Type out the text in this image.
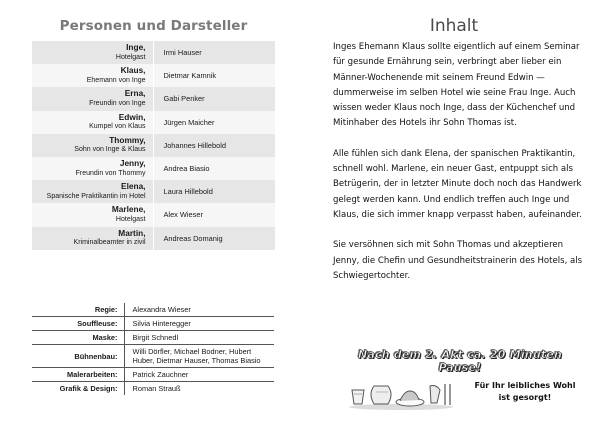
Personen und Darsteller
Inge,
Hotelgast	Irmi Hauser

Klaus,
Ehemann von Inge	Dietmar Kamnik

Erna,
Freundin von Inge	Gabi Penker

Edwin,
Kumpel von Klaus	Jürgen Maicher

Thommy,
Sohn von Inge & Klaus	Johannes Hillebold

Jenny,
Freundin von Thommy	Andrea Biasio

Elena,
Spanische Praktikantin im Hotel	Laura Hillebold

Marlene,
Hotelgast	Alex Wieser

Martin,
Kriminalbeamter in zivil	Andreas Domanig
Regie:	Alexandra Wieser
Souffleuse:	Silvia Hinteregger
Maske:	Birgit Schnedl
Bühnenbau:	Willi Dörfler, Michael Bodner, Hubert Huber, Dietmar Hauser, Thomas Biasio
Malerarbeiten:	Patrick Zauchner
Grafik & Design:	Roman Strauß
Inhalt

Inges Ehemann Klaus sollte eigentlich auf einem Seminar für gesunde Ernährung sein, verbringt aber lieber ein Männer-Wochenende mit seinem Freund Edwin — dummerweise im selben Hotel wie seine Frau Inge. Auch wissen weder Klaus noch Inge, dass der Küchenchef und Mitinhaber des Hotels ihr Sohn Thomas ist.

Alle fühlen sich dank Elena, der spanischen Praktikantin, schnell wohl. Marlene, ein neuer Gast, entpuppt sich als Betrügerin, der in letzter Minute doch noch das Handwerk gelegt werden kann. Und endlich treffen auch Inge und Klaus, die sich immer knapp verpasst haben, aufeinander.

Sie versöhnen sich mit Sohn Thomas und akzeptieren Jenny, die Chefin und Gesundheitstrainerin des Hotels, als Schwiegertochter.

Nach dem 2. Akt ca. 20 Minuten Pause!
Für Ihr leibliches Wohl
ist gesorgt!
